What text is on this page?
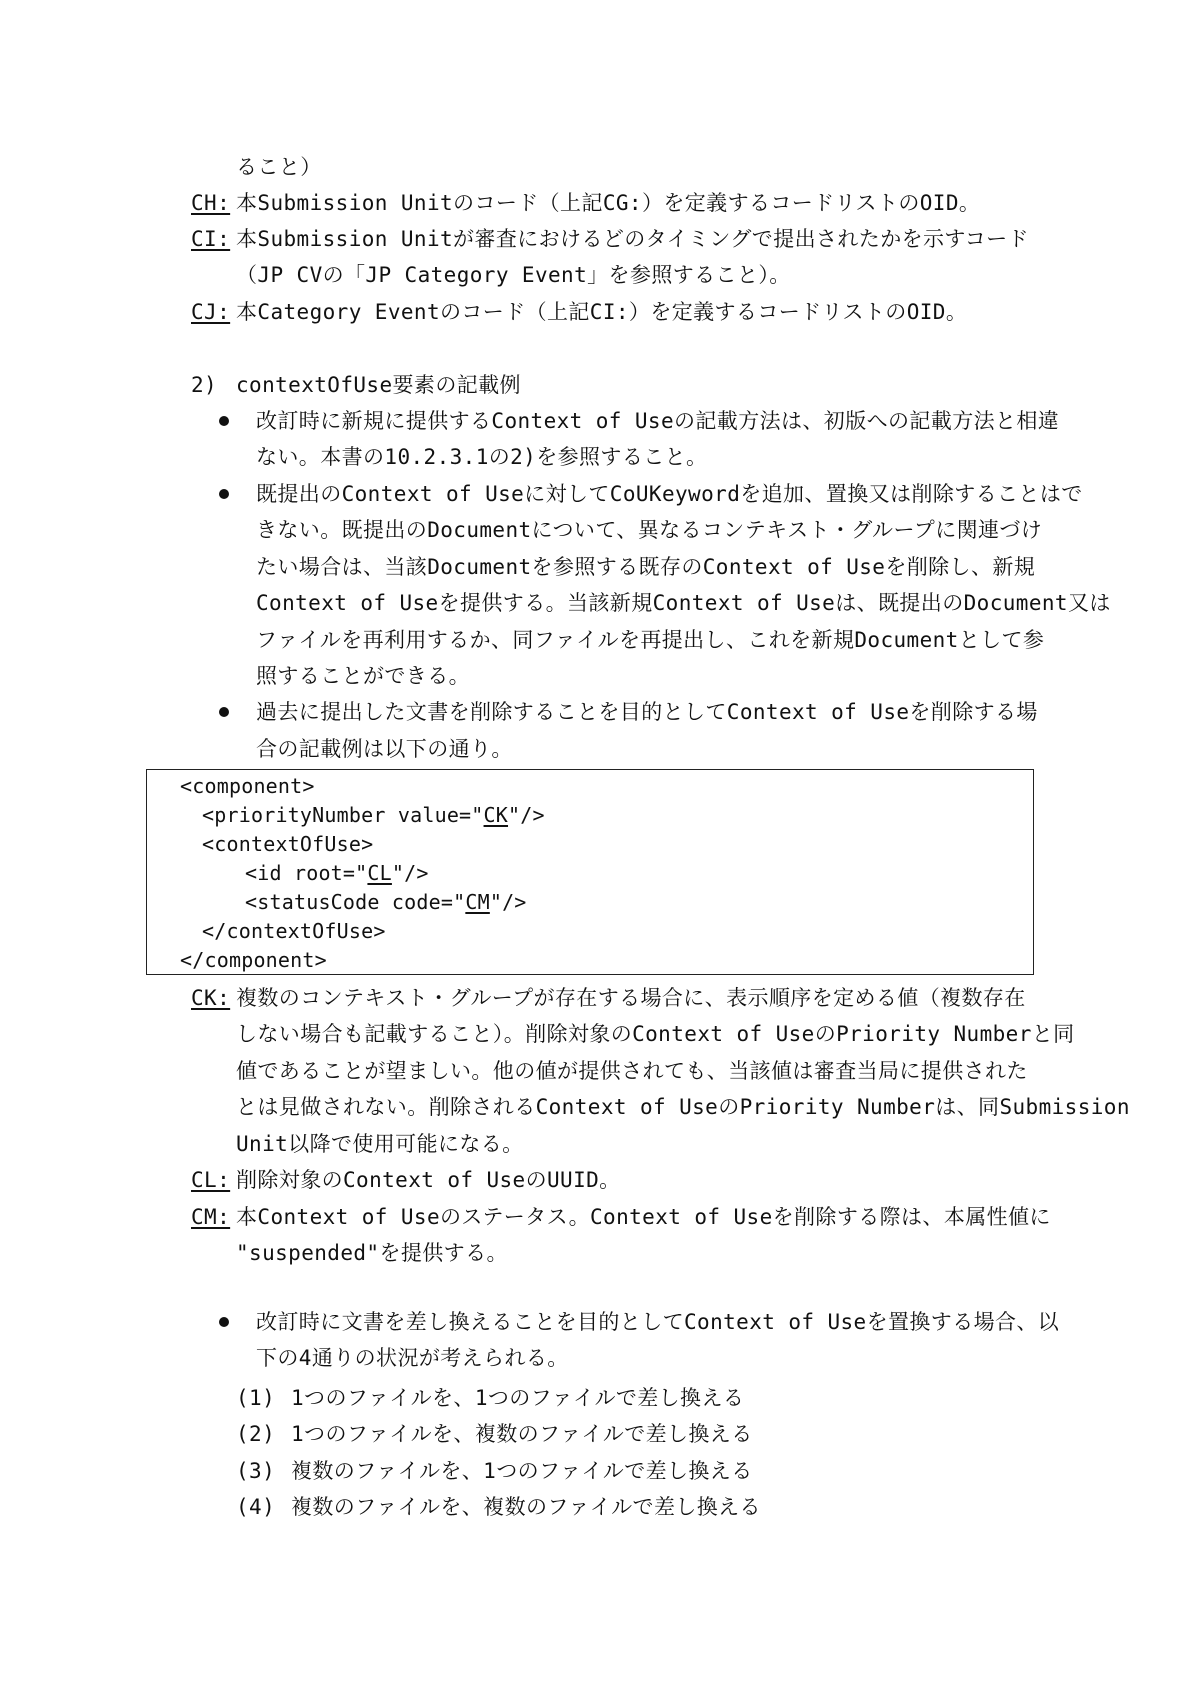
ること）
CH: 本Submission Unitのコード（上記CG:）を定義するコードリストのOID。
CI: 本Submission Unitが審査におけるどのタイミングで提出されたかを示すコード
（JP CVの「JP Category Event」を参照すること）。
CJ: 本Category Eventのコード（上記CI:）を定義するコードリストのOID。
2) contextOfUse要素の記載例
改訂時に新規に提供するContext of Useの記載方法は、初版への記載方法と相違
ない。本書の10.2.3.1の2)を参照すること。
既提出のContext of Useに対してCoUKeywordを追加、置換又は削除することはで
きない。既提出のDocumentについて、異なるコンテキスト・グループに関連づけ
たい場合は、当該Documentを参照する既存のContext of Useを削除し、新規
Context of Useを提供する。当該新規Context of Useは、既提出のDocument又は
ファイルを再利用するか、同ファイルを再提出し、これを新規Documentとして参
照することができる。
過去に提出した文書を削除することを目的としてContext of Useを削除する場
合の記載例は以下の通り。
<component>
<priorityNumber value="CK"/>
<contextOfUse>
<id root="CL"/>
<statusCode code="CM"/>
</contextOfUse>
</component>
CK: 複数のコンテキスト・グループが存在する場合に、表示順序を定める値（複数存在
しない場合も記載すること）。削除対象のContext of UseのPriority Numberと同
値であることが望ましい。他の値が提供されても、当該値は審査当局に提供された
とは見做されない。削除されるContext of UseのPriority Numberは、同Submission
Unit以降で使用可能になる。
CL: 削除対象のContext of UseのUUID。
CM: 本Context of Useのステータス。Context of Useを削除する際は、本属性値に
"suspended"を提供する。
改訂時に文書を差し換えることを目的としてContext of Useを置換する場合、以
下の4通りの状況が考えられる。
(1) 1つのファイルを、1つのファイルで差し換える
(2) 1つのファイルを、複数のファイルで差し換える
(3) 複数のファイルを、1つのファイルで差し換える
(4) 複数のファイルを、複数のファイルで差し換える
